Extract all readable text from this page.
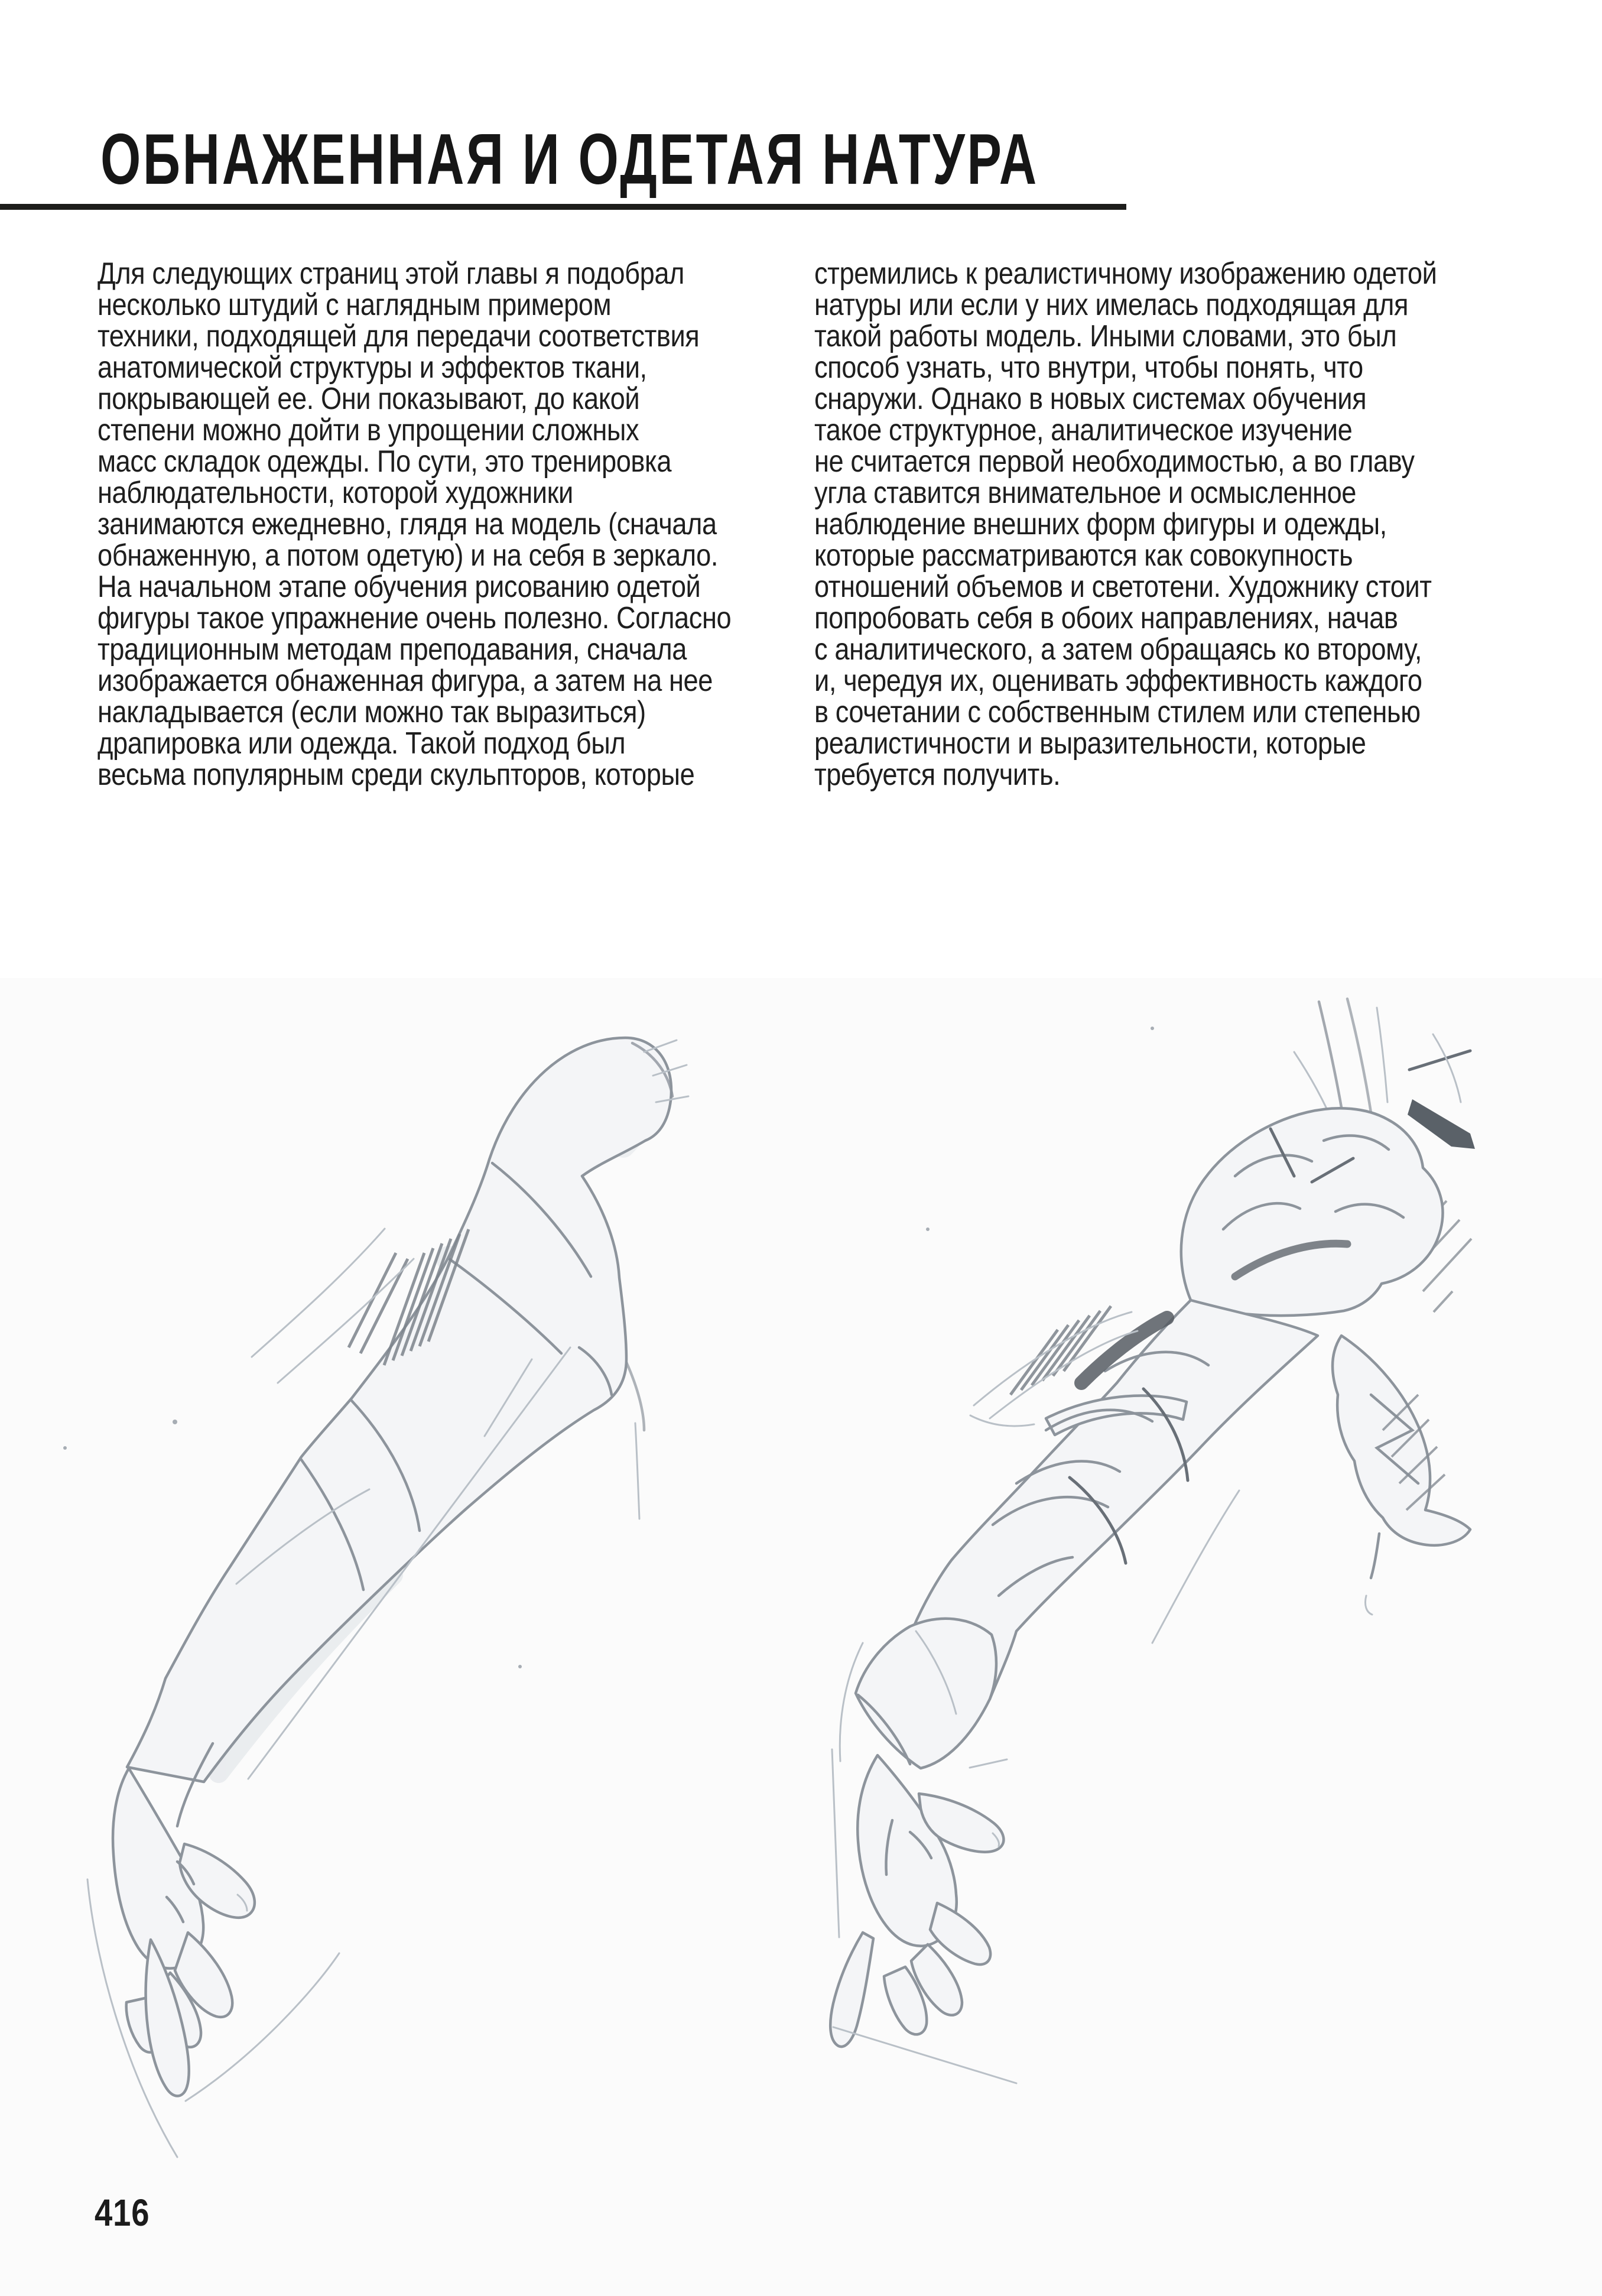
ОБНАЖЕННАЯ И ОДЕТАЯ НАТУРА
Для следующих страниц этой главы я подобрал
несколько штудий с наглядным примером
техники, подходящей для передачи соответствия
анатомической структуры и эффектов ткани,
покрывающей ее. Они показывают, до какой
степени можно дойти в упрощении сложных
масс складок одежды. По сути, это тренировка
наблюдательности, которой художники
занимаются ежедневно, глядя на модель (сначала
обнаженную, а потом одетую) и на себя в зеркало.
На начальном этапе обучения рисованию одетой
фигуры такое упражнение очень полезно. Согласно
традиционным методам преподавания, сначала
изображается обнаженная фигура, а затем на нее
накладывается (если можно так выразиться)
драпировка или одежда. Такой подход был
весьма популярным среди скульпторов, которые
стремились к реалистичному изображению одетой
натуры или если у них имелась подходящая для
такой работы модель. Иными словами, это был
способ узнать, что внутри, чтобы понять, что
снаружи. Однако в новых системах обучения
такое структурное, аналитическое изучение
не считается первой необходимостью, а во главу
угла ставится внимательное и осмысленное
наблюдение внешних форм фигуры и одежды,
которые рассматриваются как совокупность
отношений объемов и светотени. Художнику стоит
попробовать себя в обоих направлениях, начав
с аналитического, а затем обращаясь ко второму,
и, чередуя их, оценивать эффективность каждого
в сочетании с собственным стилем или степенью
реалистичности и выразительности, которые
требуется получить.
416
